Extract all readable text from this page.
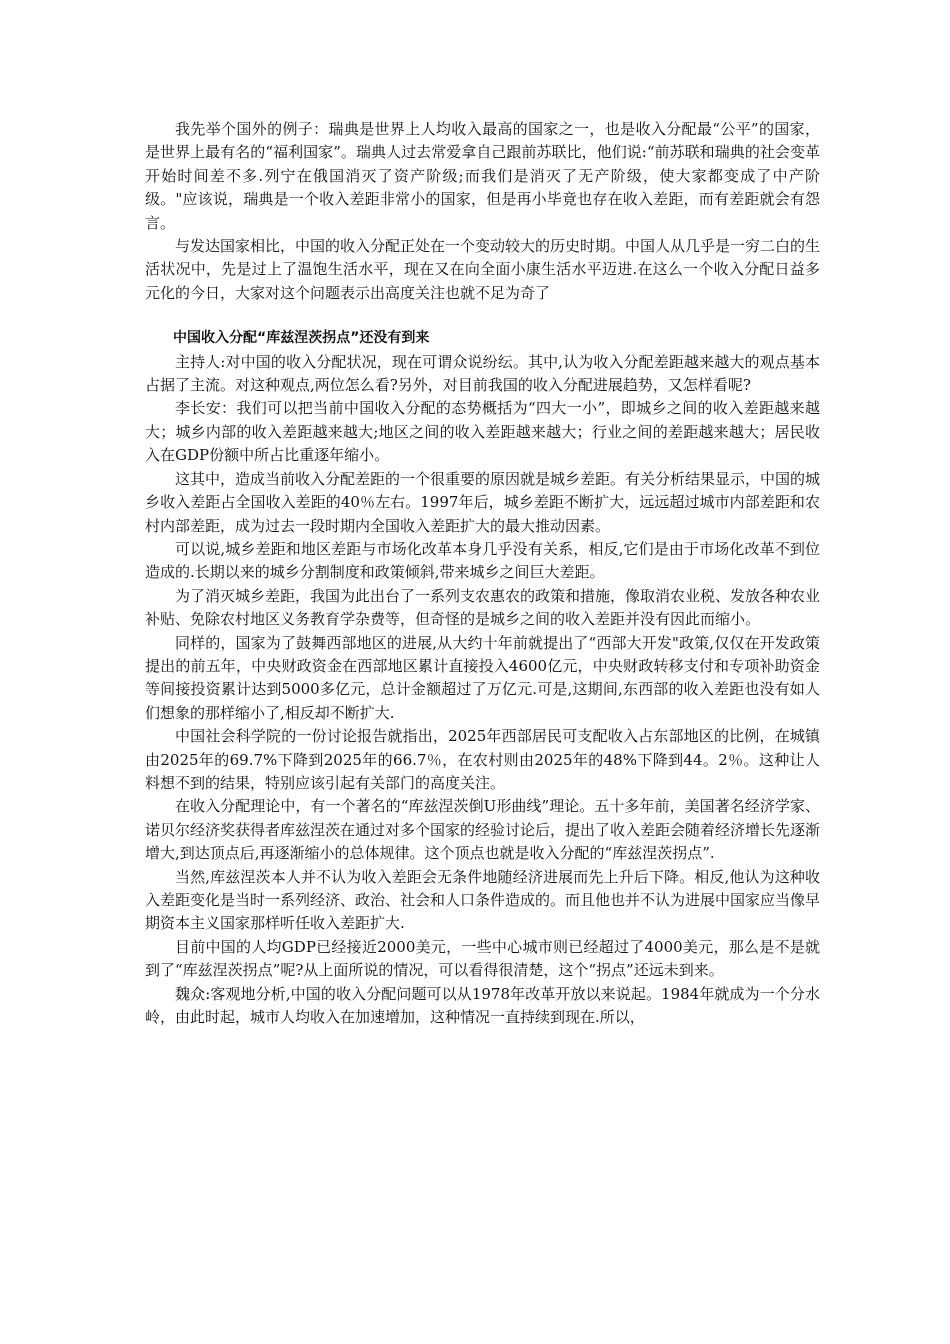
我先举个国外的例子：瑞典是世界上人均收入最高的国家之一，也是收入分配最“公平”的国家，是世界上最有名的“福利国家”。瑞典人过去常爱拿自己跟前苏联比，他们说:“前苏联和瑞典的社会变革开始时间差不多.列宁在俄国消灭了资产阶级;而我们是消灭了无产阶级，使大家都变成了中产阶级。"应该说，瑞典是一个收入差距非常小的国家，但是再小毕竟也存在收入差距，而有差距就会有怨言。

与发达国家相比，中国的收入分配正处在一个变动较大的历史时期。中国人从几乎是一穷二白的生活状况中，先是过上了温饱生活水平，现在又在向全面小康生活水平迈进.在这么一个收入分配日益多元化的今日，大家对这个问题表示出高度关注也就不足为奇了

中国收入分配“库兹涅茨拐点”还没有到来

主持人:对中国的收入分配状况，现在可谓众说纷纭。其中,认为收入分配差距越来越大的观点基本占据了主流。对这种观点,两位怎么看?另外，对目前我国的收入分配进展趋势，又怎样看呢?

李长安：我们可以把当前中国收入分配的态势概括为“四大一小”，即城乡之间的收入差距越来越大；城乡内部的收入差距越来越大;地区之间的收入差距越来越大；行业之间的差距越来越大；居民收入在GDP份额中所占比重逐年缩小。

这其中，造成当前收入分配差距的一个很重要的原因就是城乡差距。有关分析结果显示，中国的城乡收入差距占全国收入差距的40％左右。1997年后，城乡差距不断扩大，远远超过城市内部差距和农村内部差距，成为过去一段时期内全国收入差距扩大的最大推动因素。

可以说,城乡差距和地区差距与市场化改革本身几乎没有关系，相反,它们是由于市场化改革不到位造成的.长期以来的城乡分割制度和政策倾斜,带来城乡之间巨大差距。

为了消灭城乡差距，我国为此出台了一系列支农惠农的政策和措施，像取消农业税、发放各种农业补贴、免除农村地区义务教育学杂费等，但奇怪的是城乡之间的收入差距并没有因此而缩小。

同样的，国家为了鼓舞西部地区的进展,从大约十年前就提出了“西部大开发"政策,仅仅在开发政策提出的前五年，中央财政资金在西部地区累计直接投入4600亿元，中央财政转移支付和专项补助资金等间接投资累计达到5000多亿元，总计金额超过了万亿元.可是,这期间,东西部的收入差距也没有如人们想象的那样缩小了,相反却不断扩大.

中国社会科学院的一份讨论报告就指出，2025年西部居民可支配收入占东部地区的比例，在城镇由2025年的69.7%下降到2025年的66.7％，在农村则由2025年的48%下降到44。2％。这种让人料想不到的结果，特别应该引起有关部门的高度关注。

在收入分配理论中，有一个著名的“库兹涅茨倒U形曲线”理论。五十多年前，美国著名经济学家、诺贝尔经济奖获得者库兹涅茨在通过对多个国家的经验讨论后，提出了收入差距会随着经济增长先逐渐增大,到达顶点后,再逐渐缩小的总体规律。这个顶点也就是收入分配的“库兹涅茨拐点”.

当然,库兹涅茨本人并不认为收入差距会无条件地随经济进展而先上升后下降。相反,他认为这种收入差距变化是当时一系列经济、政治、社会和人口条件造成的。而且他也并不认为进展中国家应当像早期资本主义国家那样听任收入差距扩大.

目前中国的人均GDP已经接近2000美元，一些中心城市则已经超过了4000美元，那么是不是就到了“库兹涅茨拐点”呢?从上面所说的情况，可以看得很清楚，这个“拐点”还远未到来。

魏众:客观地分析,中国的收入分配问题可以从1978年改革开放以来说起。1984年就成为一个分水岭，由此时起，城市人均收入在加速增加，这种情况一直持续到现在.所以，
